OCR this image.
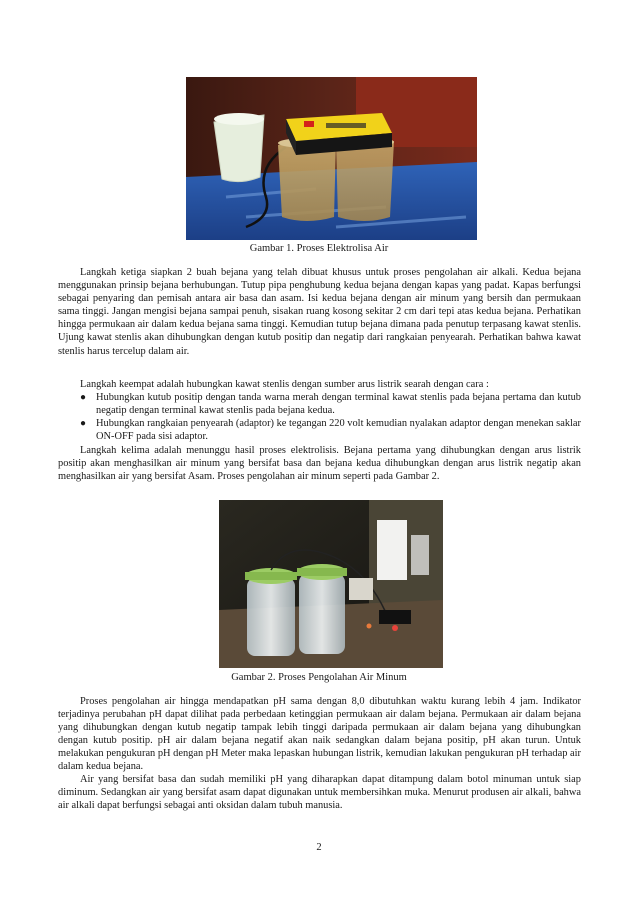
Gambar 1. Proses Elektrolisa Air

Langkah ketiga siapkan 2 buah bejana yang telah dibuat khusus untuk proses pengolahan air alkali. Kedua bejana menggunakan prinsip bejana berhubungan. Tutup pipa penghubung kedua bejana dengan kapas yang padat. Kapas berfungsi sebagai penyaring dan pemisah antara air basa dan asam. Isi kedua bejana dengan air minum yang bersih dan permukaan sama tinggi. Jangan mengisi bejana sampai penuh, sisakan ruang kosong sekitar 2 cm dari tepi atas kedua bejana. Perhatikan hingga permukaan air dalam kedua bejana sama tinggi. Kemudian tutup bejana dimana pada penutup terpasang kawat stenlis. Ujung kawat stenlis akan dihubungkan dengan kutub positip dan negatip dari rangkaian penyearah. Perhatikan bahwa kawat stenlis harus tercelup dalam air.

Langkah keempat adalah hubungkan kawat stenlis dengan sumber arus listrik searah dengan cara :

● Hubungkan kutub positip dengan tanda warna merah dengan terminal kawat stenlis pada bejana pertama dan kutub negatip dengan terminal kawat stenlis pada bejana kedua.
● Hubungkan rangkaian penyearah (adaptor) ke tegangan 220 volt kemudian nyalakan adaptor dengan menekan saklar ON-OFF pada sisi adaptor.

Langkah kelima adalah menunggu hasil proses elektrolisis. Bejana pertama yang dihubungkan dengan arus listrik positip akan menghasilkan air minum yang bersifat basa dan bejana kedua dihubungkan dengan arus listrik negatip akan menghasilkan air yang bersifat Asam. Proses pengolahan air minum seperti pada Gambar 2.

Gambar 2. Proses Pengolahan Air Minum

Proses pengolahan air hingga mendapatkan pH sama dengan 8,0 dibutuhkan waktu kurang lebih 4 jam. Indikator terjadinya perubahan pH dapat dilihat pada perbedaan ketinggian permukaan air dalam bejana. Permukaan air dalam bejana yang dihubungkan dengan kutub negatip tampak lebih tinggi daripada permukaan air dalam bejana yang dihubungkan dengan kutub positip. pH air dalam bejana negatif akan naik sedangkan dalam bejana positip, pH akan turun. Untuk melakukan pengukuran pH dengan pH Meter maka lepaskan hubungan listrik, kemudian lakukan pengukuran pH terhadap air dalam kedua bejana.

Air yang bersifat basa dan sudah memiliki pH yang diharapkan dapat ditampung dalam botol minuman untuk siap diminum. Sedangkan air yang bersifat asam dapat digunakan untuk membersihkan muka. Menurut produsen air alkali, bahwa air alkali dapat berfungsi sebagai anti oksidan dalam tubuh manusia.

2
